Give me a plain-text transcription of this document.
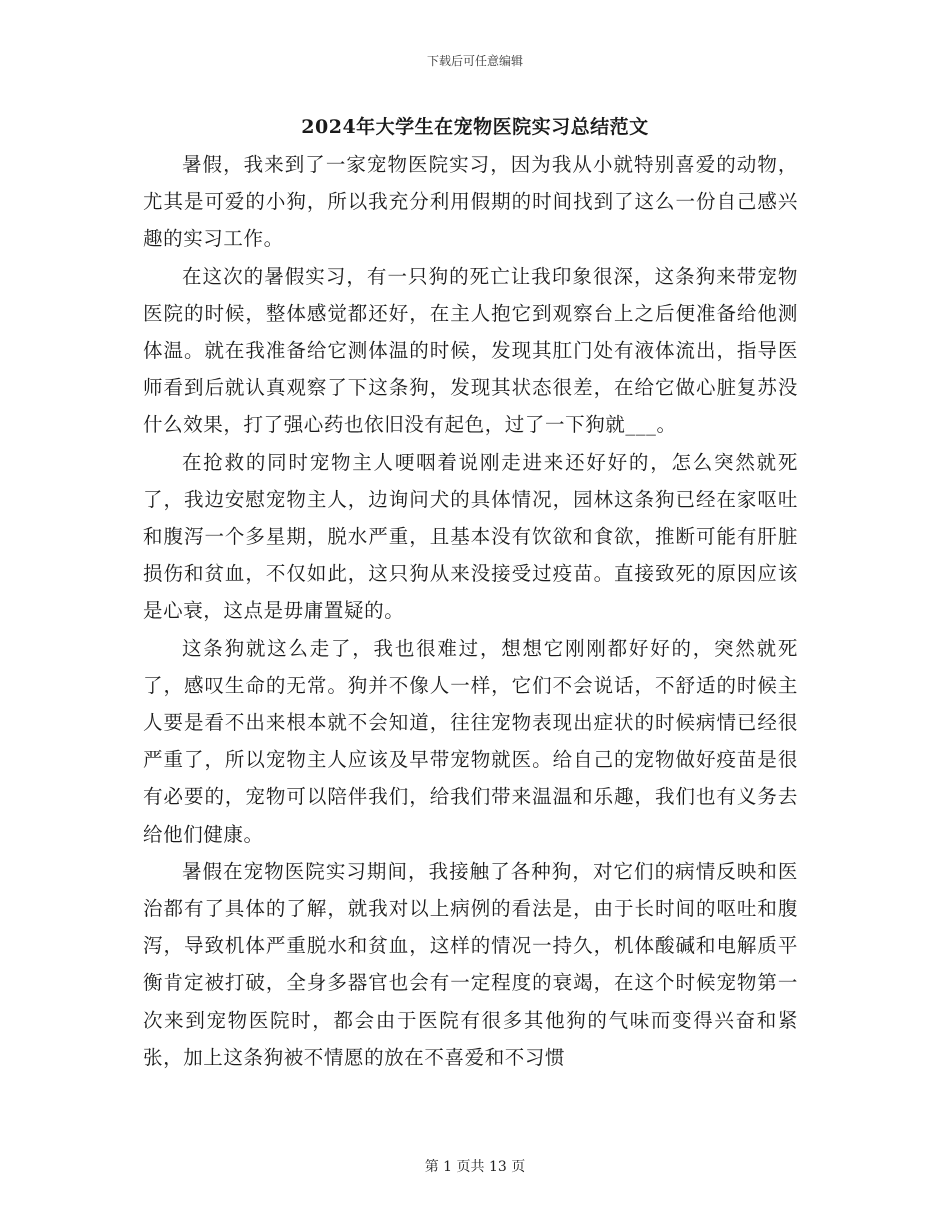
下载后可任意编辑
2024年大学生在宠物医院实习总结范文

暑假，我来到了一家宠物医院实习，因为我从小就特别喜爱的动物，尤其是可爱的小狗，所以我充分利用假期的时间找到了这么一份自己感兴趣的实习工作。

在这次的暑假实习，有一只狗的死亡让我印象很深，这条狗来带宠物医院的时候，整体感觉都还好，在主人抱它到观察台上之后便准备给他测体温。就在我准备给它测体温的时候，发现其肛门处有液体流出，指导医师看到后就认真观察了下这条狗，发现其状态很差，在给它做心脏复苏没什么效果，打了强心药也依旧没有起色，过了一下狗就___。

在抢救的同时宠物主人哽咽着说刚走进来还好好的，怎么突然就死了，我边安慰宠物主人，边询问犬的具体情况，园林这条狗已经在家呕吐和腹泻一个多星期，脱水严重，且基本没有饮欲和食欲，推断可能有肝脏损伤和贫血，不仅如此，这只狗从来没接受过疫苗。直接致死的原因应该是心衰，这点是毋庸置疑的。

这条狗就这么走了，我也很难过，想想它刚刚都好好的，突然就死了，感叹生命的无常。狗并不像人一样，它们不会说话，不舒适的时候主人要是看不出来根本就不会知道，往往宠物表现出症状的时候病情已经很严重了，所以宠物主人应该及早带宠物就医。给自己的宠物做好疫苗是很有必要的，宠物可以陪伴我们，给我们带来温温和乐趣，我们也有义务去给他们健康。

暑假在宠物医院实习期间，我接触了各种狗，对它们的病情反映和医治都有了具体的了解，就我对以上病例的看法是，由于长时间的呕吐和腹泻，导致机体严重脱水和贫血，这样的情况一持久，机体酸碱和电解质平衡肯定被打破，全身多器官也会有一定程度的衰竭，在这个时候宠物第一次来到宠物医院时，都会由于医院有很多其他狗的气味而变得兴奋和紧张，加上这条狗被不情愿的放在不喜爱和不习惯

第 1 页共 13 页
